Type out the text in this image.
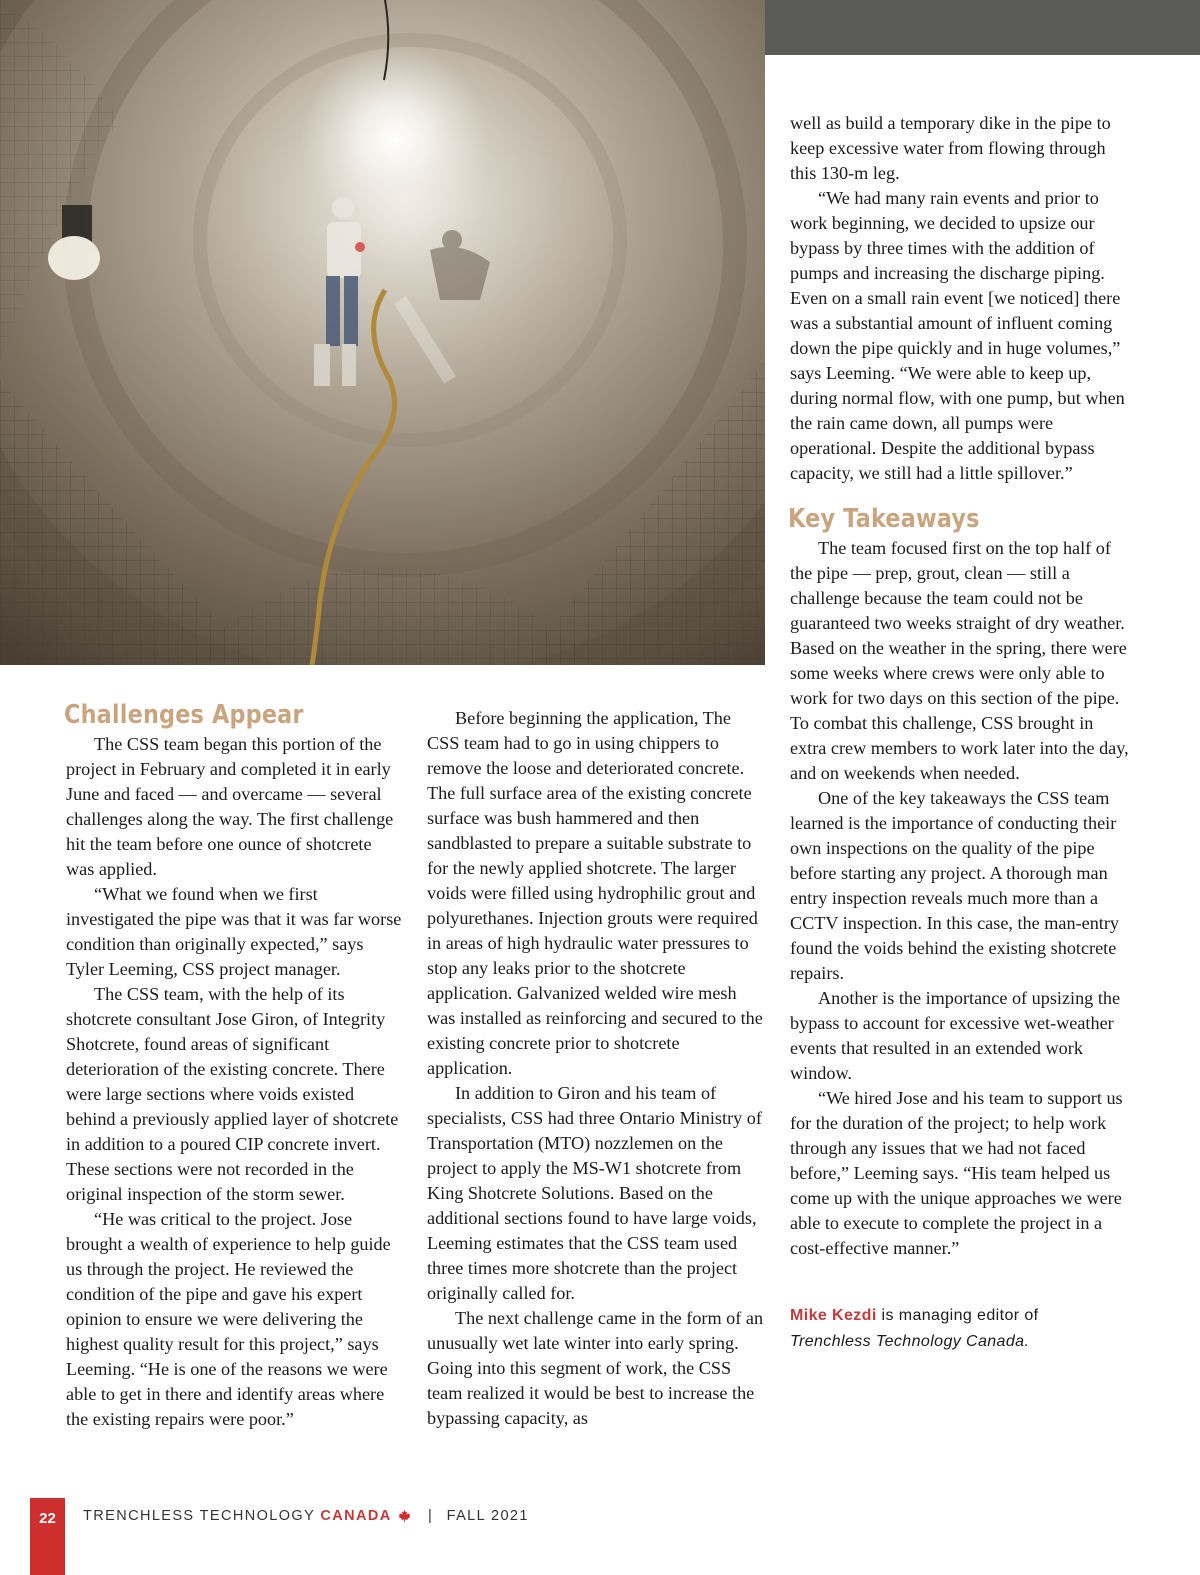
Challenges Appear

The CSS team began this portion of the project in February and completed it in early June and faced — and overcame — several challenges along the way. The first challenge hit the team before one ounce of shotcrete was applied.

“What we found when we first investigated the pipe was that it was far worse condition than originally expected,” says Tyler Leeming, CSS project manager.

The CSS team, with the help of its shotcrete consultant Jose Giron, of Integrity Shotcrete, found areas of significant deterioration of the existing concrete. There were large sections where voids existed behind a previously applied layer of shotcrete in addition to a poured CIP concrete invert. These sections were not recorded in the original inspection of the storm sewer.

“He was critical to the project. Jose brought a wealth of experience to help guide us through the project. He reviewed the condition of the pipe and gave his expert opinion to ensure we were delivering the highest quality result for this project,” says Leeming. “He is one of the reasons we were able to get in there and identify areas where the existing repairs were poor.”

Before beginning the application, The CSS team had to go in using chippers to remove the loose and deteriorated concrete. The full surface area of the existing concrete surface was bush hammered and then sandblasted to prepare a suitable substrate to for the newly applied shotcrete. The larger voids were filled using hydrophilic grout and polyurethanes. Injection grouts were required in areas of high hydraulic water pressures to stop any leaks prior to the shotcrete application. Galvanized welded wire mesh was installed as reinforcing and secured to the existing concrete prior to shotcrete application.

In addition to Giron and his team of specialists, CSS had three Ontario Ministry of Transportation (MTO) nozzlemen on the project to apply the MS-W1 shotcrete from King Shotcrete Solutions. Based on the additional sections found to have large voids, Leeming estimates that the CSS team used three times more shotcrete than the project originally called for.

The next challenge came in the form of an unusually wet late winter into early spring. Going into this segment of work, the CSS team realized it would be best to increase the bypassing capacity, as

well as build a temporary dike in the pipe to keep excessive water from flowing through this 130-m leg.

“We had many rain events and prior to work beginning, we decided to upsize our bypass by three times with the addition of pumps and increasing the discharge piping. Even on a small rain event [we noticed] there was a substantial amount of influent coming down the pipe quickly and in huge volumes,” says Leeming. “We were able to keep up, during normal flow, with one pump, but when the rain came down, all pumps were operational. Despite the additional bypass capacity, we still had a little spillover.”

Key Takeaways

The team focused first on the top half of the pipe — prep, grout, clean — still a challenge because the team could not be guaranteed two weeks straight of dry weather. Based on the weather in the spring, there were some weeks where crews were only able to work for two days on this section of the pipe. To combat this challenge, CSS brought in extra crew members to work later into the day, and on weekends when needed.

One of the key takeaways the CSS team learned is the importance of conducting their own inspections on the quality of the pipe before starting any project. A thorough man entry inspection reveals much more than a CCTV inspection. In this case, the man-entry found the voids behind the existing shotcrete repairs.

Another is the importance of upsizing the bypass to account for excessive wet-weather events that resulted in an extended work window.

“We hired Jose and his team to support us for the duration of the project; to help work through any issues that we had not faced before,” Leeming says. “His team helped us come up with the unique approaches we were able to execute to complete the project in a cost-effective manner.”

Mike Kezdi is managing editor of
Trenchless Technology Canada.
22	TRENCHLESS TECHNOLOGY CANADA	| FALL 2021
